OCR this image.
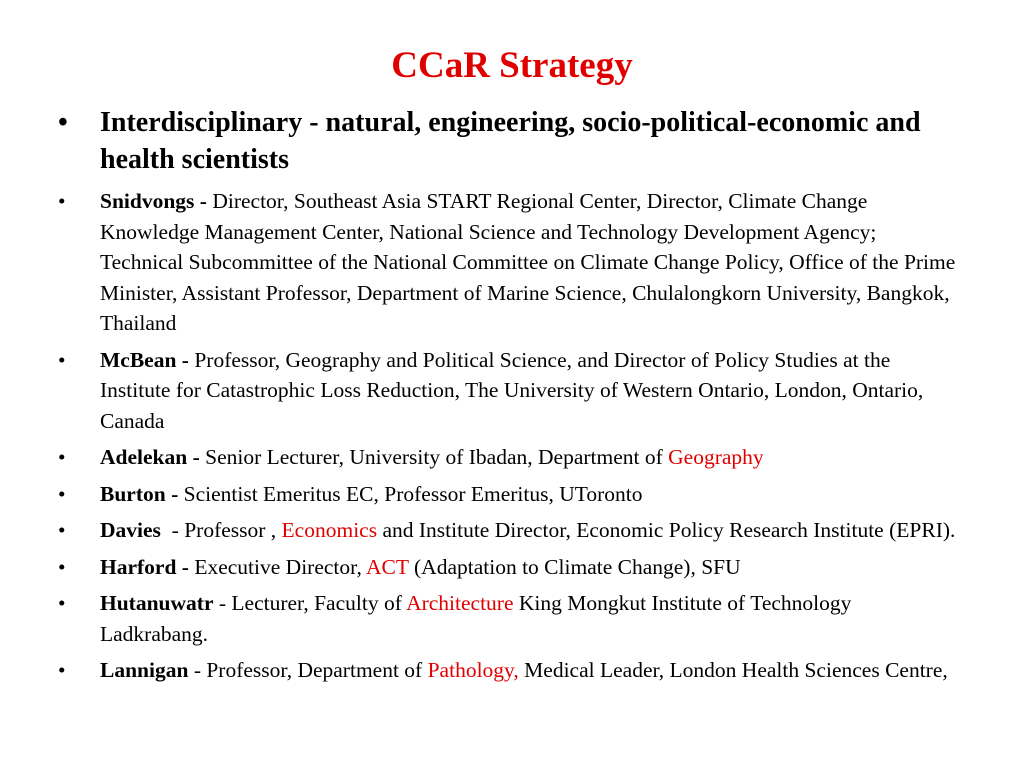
CCaR Strategy
• Interdisciplinary - natural, engineering, socio-political-economic and health scientists
• Snidvongs - Director, Southeast Asia START Regional Center, Director, Climate Change Knowledge Management Center, National Science and Technology Development Agency; Technical Subcommittee of the National Committee on Climate Change Policy, Office of the Prime Minister, Assistant Professor, Department of Marine Science, Chulalongkorn University, Bangkok, Thailand
• McBean - Professor, Geography and Political Science, and Director of Policy Studies at the Institute for Catastrophic Loss Reduction, The University of Western Ontario, London, Ontario, Canada
• Adelekan - Senior Lecturer, University of Ibadan, Department of Geography
• Burton - Scientist Emeritus EC, Professor Emeritus, UToronto
• Davies  - Professor , Economics and Institute Director, Economic Policy Research Institute (EPRI).
• Harford - Executive Director, ACT (Adaptation to Climate Change), SFU
• Hutanuwatr - Lecturer, Faculty of Architecture King Mongkut Institute of Technology Ladkrabang.
• Lannigan - Professor, Department of Pathology, Medical Leader, London Health Sciences Centre,
